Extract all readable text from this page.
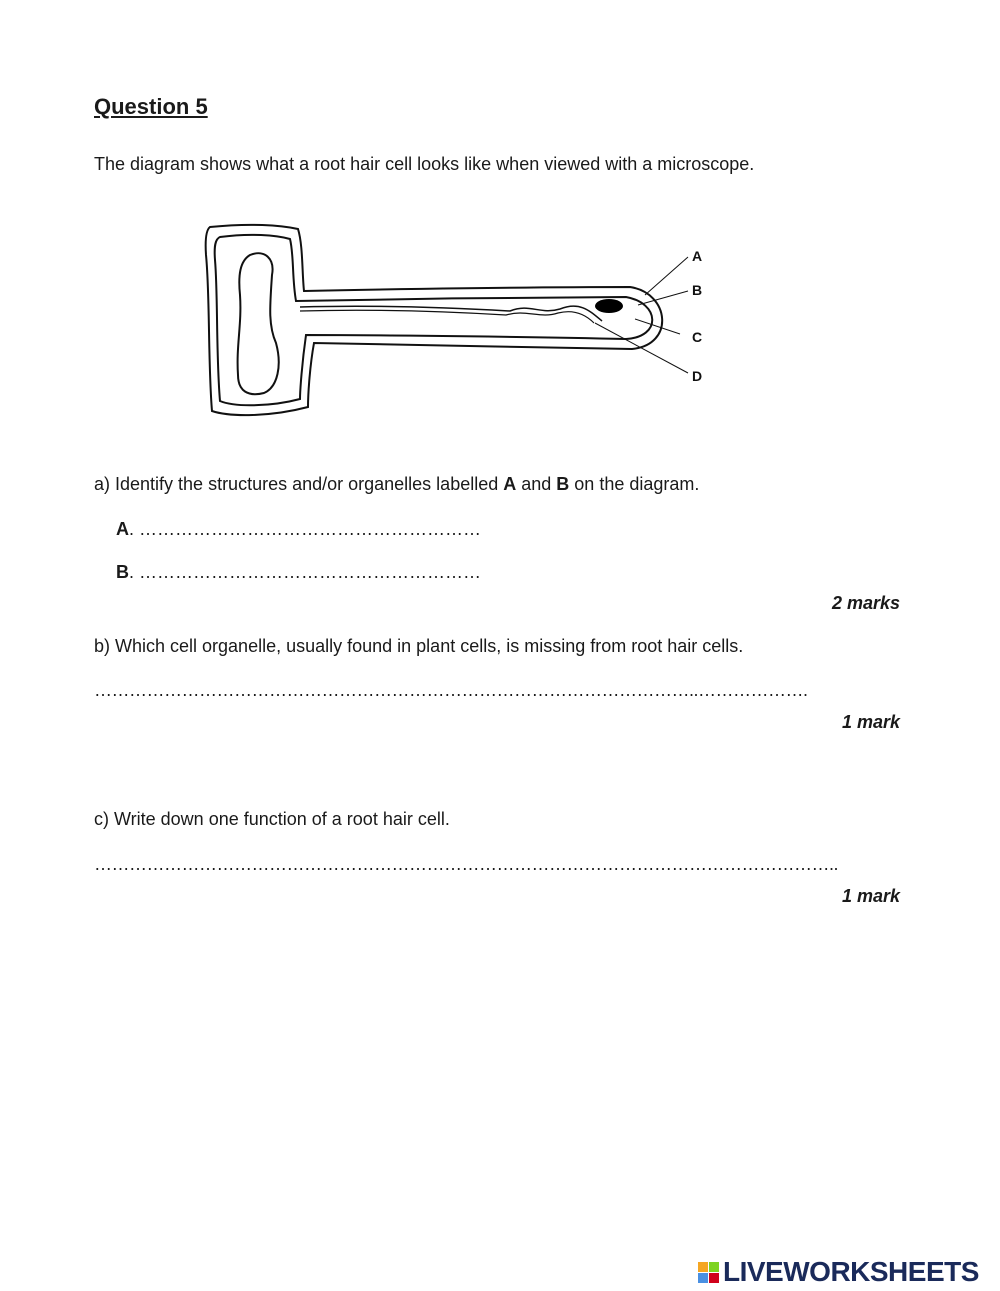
Question 5

The diagram shows what a root hair cell looks like when viewed with a microscope.

A
B
C
D

a) Identify the structures and/or organelles labelled A and B on the diagram.

A. …………………………………………………

B. …………………………………………………

2 marks

b) Which cell organelle, usually found in plant cells, is missing from root hair cells.

…………………………………………………………………………………………..……………….

1 mark

c) Write down one function of a root hair cell.

………………………………………………………………………………………………………………..

1 mark

LIVEWORKSHEETS
